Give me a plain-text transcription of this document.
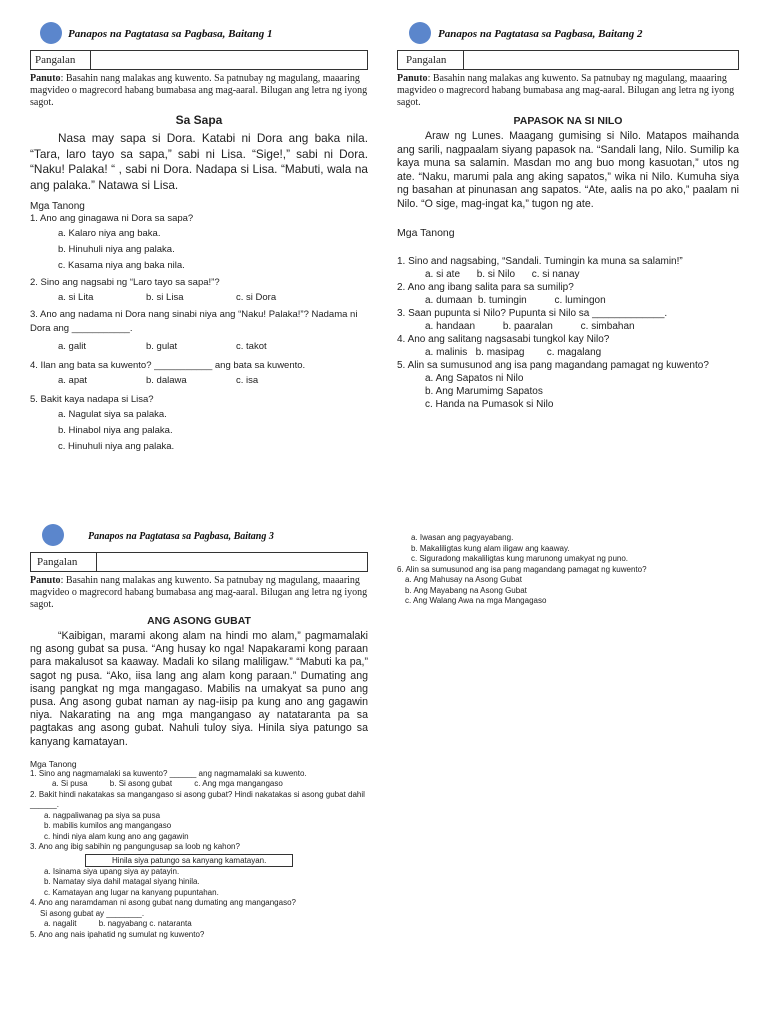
Panapos na Pagtatasa sa Pagbasa, Baitang 1
Pangalan
Panuto: Basahin nang malakas ang kuwento. Sa patnubay ng magulang, maaaring magvideo o magrecord habang bumabasa ang mag-aaral. Bilugan ang letra ng iyong sagot.
Sa Sapa
Nasa may sapa si Dora. Katabi ni Dora ang baka nila. “Tara, laro tayo sa sapa,” sabi ni Lisa. “Sige!,” sabi ni Dora. “Naku! Palaka! “ , sabi ni Dora. Nadapa si Lisa. “Mabuti, wala na ang palaka.” Natawa si Lisa.
Mga Tanong
1. Ano ang ginagawa ni Dora sa sapa?
a. Kalaro niya ang baka.
b. Hinuhuli niya ang palaka.
c. Kasama niya ang baka nila.
2. Sino ang nagsabi ng “Laro tayo sa sapa!”?
a. si Lita	b. si Lisa	c. si Dora
3. Ano ang nadama ni Dora nang sinabi niya ang “Naku! Palaka!”? Nadama ni Dora ang ___________.
a. galit	b. gulat	c. takot
4. Ilan ang bata sa kuwento? ___________ ang bata sa kuwento.
a. apat	b. dalawa	c. isa
5. Bakit kaya nadapa si Lisa?
a. Nagulat siya sa palaka.
b. Hinabol niya ang palaka.
c. Hinuhuli niya ang palaka.
Panapos na Pagtatasa sa Pagbasa, Baitang 2
Pangalan
Panuto: Basahin nang malakas ang kuwento. Sa patnubay ng magulang, maaaring magvideo o magrecord habang bumabasa ang mag-aaral. Bilugan ang letra ng iyong sagot.
PAPASOK NA SI NILO
Araw ng Lunes. Maagang gumising si Nilo. Matapos maihanda ang sarili, nagpaalam siyang papasok na. “Sandali lang, Nilo. Sumilip ka kaya muna sa salamin. Masdan mo ang buo mong kasuotan,” utos ng ate. “Naku, marumi pala ang aking sapatos,” wika ni Nilo. Kumuha siya ng basahan at pinunasan ang sapatos. “Ate, aalis na po ako,” paalam ni Nilo. “O sige, mag-ingat ka,” tugon ng ate.
Mga Tanong
1. Sino and nagsabing, “Sandali. Tumingin ka muna sa salamin!”
a. si ate      b. si Nilo      c. si nanay
2. Ano ang ibang salita para sa sumilip?
a. dumaan  b. tumingin          c. lumingon
3. Saan pupunta si Nilo? Pupunta si Nilo sa _____________.
a. handaan          b. paaralan          c. simbahan
4. Ano ang salitang nagsasabi tungkol kay Nilo?
a. malinis   b. masipag        c. magalang
5. Alin sa sumusunod ang isa pang magandang pamagat ng kuwento?
a. Ang Sapatos ni Nilo
b. Ang Marumimg Sapatos
c. Handa na Pumasok si Nilo
Panapos na Pagtatasa sa Pagbasa, Baitang 3
Pangalan
Panuto: Basahin nang malakas ang kuwento. Sa patnubay ng magulang, maaaring magvideo o magrecord habang bumabasa ang mag-aaral. Bilugan ang letra ng iyong sagot.
ANG ASONG GUBAT
“Kaibigan, marami akong alam na hindi mo alam,” pagmamalaki ng asong gubat sa pusa. “Ang husay ko nga! Napakarami kong paraan para makalusot sa kaaway. Madali ko silang maliligaw.” “Mabuti ka pa,” sagot ng pusa. “Ako, iisa lang ang alam kong paraan.” Dumating ang isang pangkat ng mga mangagaso. Mabilis na umakyat sa puno ang pusa. Ang asong gubat naman ay nag-iisip pa kung ano ang gagawin niya. Nakarating na ang mga mangangaso ay natataranta pa sa pagtakas ang asong gubat. Nahuli tuloy siya. Hinila siya patungo sa kanyang kamatayan.
Mga Tanong
1. Sino ang nagmamalaki sa kuwento? ______ ang nagmamalaki sa kuwento.
a. Si pusa          b. Si asong gubat          c. Ang mga mangangaso
2. Bakit hindi nakatakas sa mangangaso si asong gubat? Hindi nakatakas si asong gubat dahil ______.
a. nagpaliwanag pa siya sa pusa
b. mabilis kumilos ang mangangaso
c. hindi niya alam kung ano ang gagawin
3. Ano ang ibig sabihin ng pangungusap sa loob ng kahon?
Hinila siya patungo sa kanyang kamatayan.
a. Isinama siya upang siya ay patayin.
b. Namatay siya dahil matagal siyang hinila.
c. Kamatayan ang lugar na kanyang pupuntahan.
4. Ano ang naramdaman ni asong gubat nang dumating ang mangangaso?
Si asong gubat ay ________.
a. nagalit          b. nagyabang c. nataranta
5. Ano ang nais ipahatid ng sumulat ng kuwento?
a. Iwasan ang pagyayabang.
b. Makaliligtas kung alam iligaw ang kaaway.
c. Siguradong makaliligtas kung marunong umakyat ng puno.
6. Alin sa sumusunod ang isa pang magandang pamagat ng kuwento?
a. Ang Mahusay na Asong Gubat
b. Ang Mayabang na Asong Gubat
c. Ang Walang Awa na mga Mangagaso
